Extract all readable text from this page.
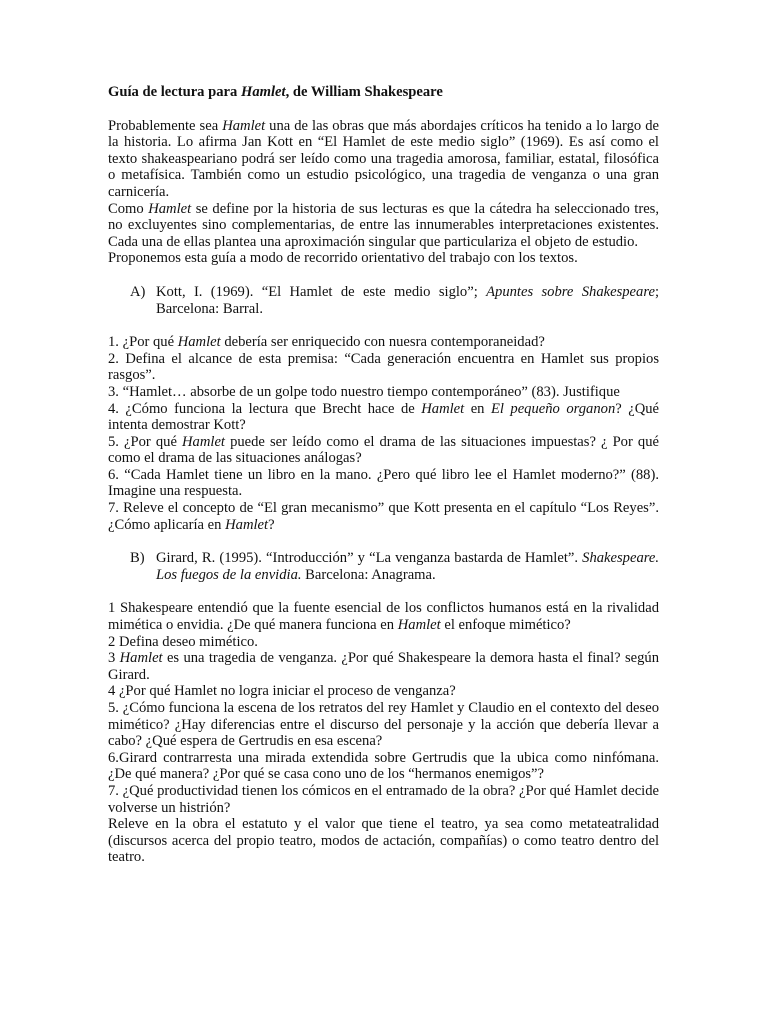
Guía de lectura para Hamlet, de William Shakespeare

Probablemente sea Hamlet una de las obras que más abordajes críticos ha tenido a lo largo de la historia. Lo afirma Jan Kott en “El Hamlet de este medio siglo” (1969). Es así como el texto shakeaspeariano podrá ser leído como una tragedia amorosa, familiar, estatal, filosófica o metafísica. También como un estudio psicológico, una tragedia de venganza o una gran carnicería.

Como Hamlet se define por la historia de sus lecturas es que la cátedra ha seleccionado tres, no excluyentes sino complementarias, de entre las innumerables interpretaciones existentes. Cada una de ellas plantea una aproximación singular que particulariza el objeto de estudio.

Proponemos esta guía a modo de recorrido orientativo del trabajo con los textos.

A) Kott, I. (1969). “El Hamlet de este medio siglo”; Apuntes sobre Shakespeare; Barcelona: Barral.

1. ¿Por qué Hamlet debería ser enriquecido con nuesra contemporaneidad?

2. Defina el alcance de esta premisa: “Cada generación encuentra en Hamlet sus propios rasgos”.

3. “Hamlet… absorbe de un golpe todo nuestro tiempo contemporáneo” (83). Justifique

4. ¿Cómo funciona la lectura que Brecht hace de Hamlet en El pequeño organon? ¿Qué intenta demostrar Kott?

5. ¿Por qué Hamlet puede ser leído como el drama de las situaciones impuestas? ¿ Por qué como el drama de las situaciones análogas?

6. “Cada Hamlet tiene un libro en la mano. ¿Pero qué libro lee el Hamlet moderno?” (88). Imagine una respuesta.

7. Releve el concepto de “El gran mecanismo” que Kott presenta en el capítulo “Los Reyes”. ¿Cómo aplicaría en Hamlet?

B) Girard, R. (1995). “Introducción” y “La venganza bastarda de Hamlet”. Shakespeare. Los fuegos de la envidia. Barcelona: Anagrama.

1 Shakespeare entendió que la fuente esencial de los conflictos humanos está en la rivalidad mimética o envidia. ¿De qué manera funciona en Hamlet el enfoque mimético?

2 Defina deseo mimético.

3 Hamlet es una tragedia de venganza. ¿Por qué Shakespeare la demora hasta el final? según Girard.

4 ¿Por qué Hamlet no logra iniciar el proceso de venganza?

5. ¿Cómo funciona la escena de los retratos del rey Hamlet y Claudio en el contexto del deseo mimético? ¿Hay diferencias entre el discurso del personaje y la acción que debería llevar a cabo? ¿Qué espera de Gertrudis en esa escena?

6.Girard contrarresta una mirada extendida sobre Gertrudis que la ubica como ninfómana. ¿De qué manera? ¿Por qué se casa cono uno de los “hermanos enemigos”?

7. ¿Qué productividad tienen los cómicos en el entramado de la obra? ¿Por qué Hamlet decide volverse un histrión?

Releve en la obra el estatuto y el valor que tiene el teatro, ya sea como metateatralidad (discursos acerca del propio teatro, modos de actación, compañías) o como teatro dentro del teatro.
